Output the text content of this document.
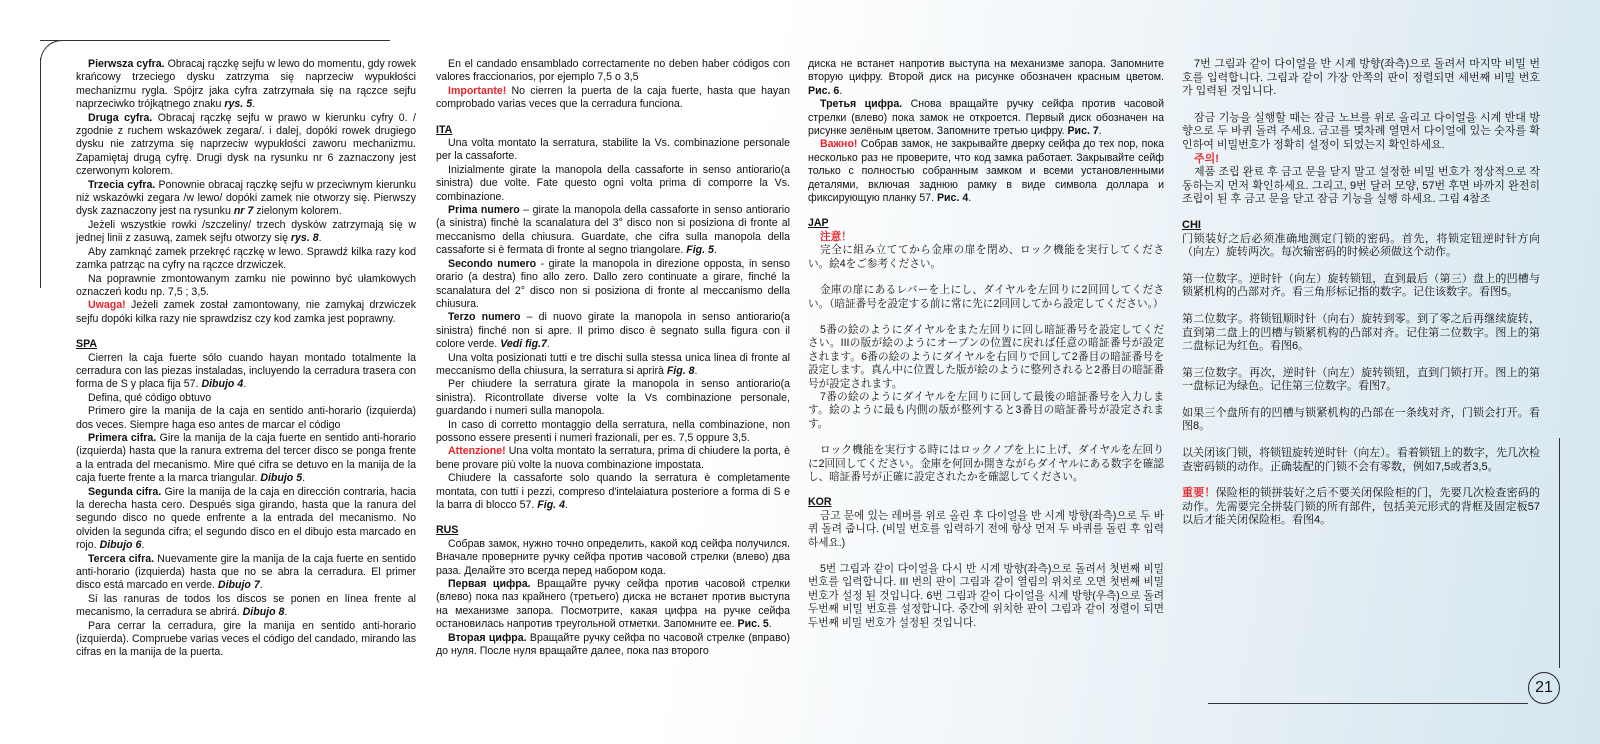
Pierwsza cyfra. Obracaj rączkę sejfu w lewo do momentu, gdy rowek krańcowy trzeciego dysku zatrzyma się naprzeciw wypukłości mechanizmu rygla. Spójrz jaka cyfra zatrzymała się na rączce sejfu naprzeciwko trójkątnego znaku rys. 5.

Druga cyfra. Obracaj rączkę sejfu w prawo w kierunku cyfry 0. / zgodnie z ruchem wskazówek zegara/. i dalej, dopóki rowek drugiego dysku nie zatrzyma się naprzeciw wypukłości zaworu mechanizmu. Zapamiętaj drugą cyfrę. Drugi dysk na rysunku nr 6 zaznaczony jest czerwonym kolorem.

Trzecia cyfra. Ponownie obracaj rączkę sejfu w przeciwnym kierunku niż wskazówki zegara /w lewo/ dopóki zamek nie otworzy się. Pierwszy dysk zaznaczony jest na rysunku nr 7 zielonym kolorem.

Jeżeli wszystkie rowki /szczeliny/ trzech dysków zatrzymają się w jednej linii z zasuwą, zamek sejfu otworzy się rys. 8.

Aby zamknąć zamek przekręć rączkę w lewo. Sprawdź kilka razy kod zamka patrząc na cyfry na rączce drzwiczek.

Na poprawnie zmontowanym zamku nie powinno być ułamkowych oznaczeń kodu np. 7,5 ; 3,5.

Uwaga! Jeżeli zamek został zamontowany, nie zamykaj drzwiczek sejfu dopóki kilka razy nie sprawdzisz czy kod zamka jest poprawny.

SPA

Cierren la caja fuerte sólo cuando hayan montado totalmente la cerradura con las piezas instaladas, incluyendo la cerradura trasera con forma de S y placa fija 57. Dibujo 4.

Defina, qué código obtuvo

Primero gire la manija de la caja en sentido anti-horario (izquierda) dos veces. Siempre haga eso antes de marcar el código

Primera cifra. Gire la manija de la caja fuerte en sentido anti-horario (izquierda) hasta que la ranura extrema del tercer disco se ponga frente a la entrada del mecanismo. Mire qué cifra se detuvo en la manija de la caja fuerte frente a la marca triangular. Dibujo 5.

Segunda cifra. Gire la manija de la caja en dirección contraria, hacia la derecha hasta cero. Después siga girando, hasta que la ranura del segundo disco no quede enfrente a la entrada del mecanismo. No olviden la segunda cifra; el segundo disco en el dibujo esta marcado en rojo. Dibujo 6.

Tercera cifra. Nuevamente gire la manija de la caja fuerte en sentido anti-horario (izquierda) hasta que no se abra la cerradura. El primer disco está marcado en verde. Dibujo 7.

Si las ranuras de todos los discos se ponen en línea frente al mecanismo, la cerradura se abrirá. Dibujo 8.

Para cerrar la cerradura, gire la manija en sentido anti-horario (izquierda). Compruebe varias veces el código del candado, mirando las cifras en la manija de la puerta.

En el candado ensamblado correctamente no deben haber códigos con valores fraccionarios, por ejemplo 7,5 o 3,5

Importante! No cierren la puerta de la caja fuerte, hasta que hayan comprobado varias veces que la cerradura funciona.

ITA

Una volta montato la serratura, stabilite la Vs. combinazione personale per la cassaforte.

Inizialmente girate la manopola della cassaforte in senso antiorario(a sinistra) due volte. Fate questo ogni volta prima di comporre la Vs. combinazione.

Prima numero – girate la manopola della cassaforte in senso antiorario (a sinistra) finchè la scanalatura del 3° disco non si posiziona di fronte al meccanismo della chiusura. Guardate, che cifra sulla manopola della cassaforte si è fermata di fronte al segno triangolare. Fig. 5.

Secondo numero - girate la manopola in direzione opposta, in senso orario (a destra) fino allo zero. Dallo zero continuate a girare, finché la scanalatura del 2° disco non si posiziona di fronte al meccanismo della chiusura.

Terzo numero – di nuovo girate la manopola in senso antiorario(a sinistra) finché non si apre. Il primo disco è segnato sulla figura con il colore verde. Vedi fig.7.

Una volta posizionati tutti e tre dischi sulla stessa unica linea di fronte al meccanismo della chiusura, la serratura si aprirà Fig. 8.

Per chiudere la serratura girate la manopola in senso antiorario(a sinistra). Ricontrollate diverse volte la Vs combinazione personale, guardando i numeri sulla manopola.

In caso di corretto montaggio della serratura, nella combinazione, non possono essere presenti i numeri frazionali, per es. 7,5 oppure 3,5.

Attenzione! Una volta montato la serratura, prima di chiudere la porta, è bene provare più volte la nuova combinazione impostata.

Chiudere la cassaforte solo quando la serratura è completamente montata, con tutti i pezzi, compreso d'intelaiatura posteriore a forma di S e la barra di blocco 57. Fig. 4.

RUS

Собрав замок, нужно точно определить, какой код сейфа получился. Вначале проверните ручку сейфа против часовой стрелки (влево) два раза. Делайте это всегда перед набором кода.

Первая цифра. Вращайте ручку сейфа против часовой стрелки (влево) пока паз крайнего (третьего) диска не встанет против выступа на механизме запора. Посмотрите, какая цифра на ручке сейфа остановилась напротив треугольной отметки. Запомните ее. Рис. 5.

Вторая цифра. Вращайте ручку сейфа по часовой стрелке (вправо) до нуля. После нуля вращайте далее, пока паз второго

диска не встанет напротив выступа на механизме запора. Запомните вторую цифру. Второй диск на рисунке обозначен красным цветом. Рис. 6.

Третья цифра. Снова вращайте ручку сейфа против часовой стрелки (влево) пока замок не откроется. Первый диск обозначен на рисунке зелёным цветом. Запомните третью цифру. Рис. 7.

Важно! Собрав замок, не закрывайте дверку сейфа до тех пор, пока несколько раз не проверите, что код замка работает. Закрывайте сейф только с полностью собранным замком и всеми установленными деталями, включая заднюю рамку в виде символа доллара и фиксирующую планку 57. Рис. 4.

JAP

注意！

完全に組み立ててから金庫の扉を閉め、ロック機能を実行してください。絵4をご参考ください。

金庫の扉にあるレバーを上にし、ダイヤルを左回りに2回回してください。（暗証番号を設定する前に常に先に2回回してから設定してください。）

5番の絵のようにダイヤルをまた左回りに回し暗証番号を設定してください。IIIの版が絵のようにオープンの位置に戻れば任意の暗証番号が設定されます。6番の絵のようにダイヤルを右回りで回して2番目の暗証番号を設定します。真ん中に位置した版が絵のように整列されると2番目の暗証番号が設定されます。

7番の絵のようにダイヤルを左回りに回して最後の暗証番号を入力します。絵のように最も内側の版が整列すると3番目の暗証番号が設定されます。

ロック機能を実行する時にはロックノブを上に上げ、ダイヤルを左回りに2回回してください。金庫を何回か開きながらダイヤルにある数字を確認し、暗証番号が正確に設定されたかを確認してください。

KOR

금고 문에 있는 레버를 위로 올린 후 다이얼을 반 시계 방향(좌측)으로 두 바퀴 돌려 줍니다. (비밀 번호를 입력하기 전에 항상 먼저 두 바퀴를 돌린 후 입력하세요.)

5번 그림과 같이 다이얼을 다시 반 시계 방향(좌측)으로 돌려서 첫번째 비밀 번호를 입력합니다. III 번의 판이 그림과 같이 열림의 위치로 오면 첫번째 비밀 번호가 설정 된 것입니다. 6번 그림과 같이 다이얼을 시계 방향(우측)으로 돌려 두번째 비밀 번호를 설정합니다. 중간에 위치한 판이 그림과 같이 정렬이 되면 두번째 비밀 번호가 설정된 것입니다.

7번 그림과 같이 다이얼을 반 시계 방향(좌측)으로 돌려서 마지막 비밀 번호를 입력합니다. 그림과 같이 가장 안쪽의 판이 정렬되면 세번째 비밀 번호가 입력된 것입니다.

잠금 기능을 실행할 때는 잠금 노브를 위로 올리고 다이얼을 시계 반대 방향으로 두 바퀴 돌려 주세요. 금고를 몇차례 열면서 다이얼에 있는 숫자를 확인하여 비밀번호가 정확히 설정이 되었는지 확인하세요.

주의!

제품 조립 완료 후 금고 문을 닫지 말고 설정한 비밀 번호가 정상적으로 작동하는지 먼저 확인하세요. 그리고, 9번 달러 모양, 57번 후면 바까지 완전히 조립이 된 후 금고 문을 닫고 잠금 기능을 실행 하세요. 그림 4참조

CHI

门锁装好之后必须准确地测定门锁的密码。首先，将锁定钮逆时针方向（向左）旋转两次。每次输密码的时候必须做这个动作。

第一位数字。逆时针（向左）旋转锁钮，直到最后（第三）盘上的凹槽与锁紧机构的凸部对齐。看三角形标记指的数字。记住该数字。看图5。

第二位数字。将锁钮顺时针（向右）旋转到零。到了零之后再继续旋转，直到第二盘上的凹槽与锁紧机构的凸部对齐。记住第二位数字。图上的第二盘标记为红色。看图6。

第三位数字。再次，逆时针（向左）旋转锁钮，直到门锁打开。图上的第一盘标记为绿色。记住第三位数字。看图7。

如果三个盘所有的凹槽与锁紧机构的凸部在一条线对齐，门锁会打开。看图8。

以关闭该门锁，将锁钮旋转逆时针（向左）。看着锁钮上的数字，先几次检查密码锁的动作。正确装配的门锁不会有零数，例如7,5或者3,5。

重要！保险柜的锁拼装好之后不要关闭保险柜的门，先要几次检查密码的动作。先需要完全拼装门锁的所有部件，包括美元形式的背框及固定板57以后才能关闭保险柜。看图4。

21
